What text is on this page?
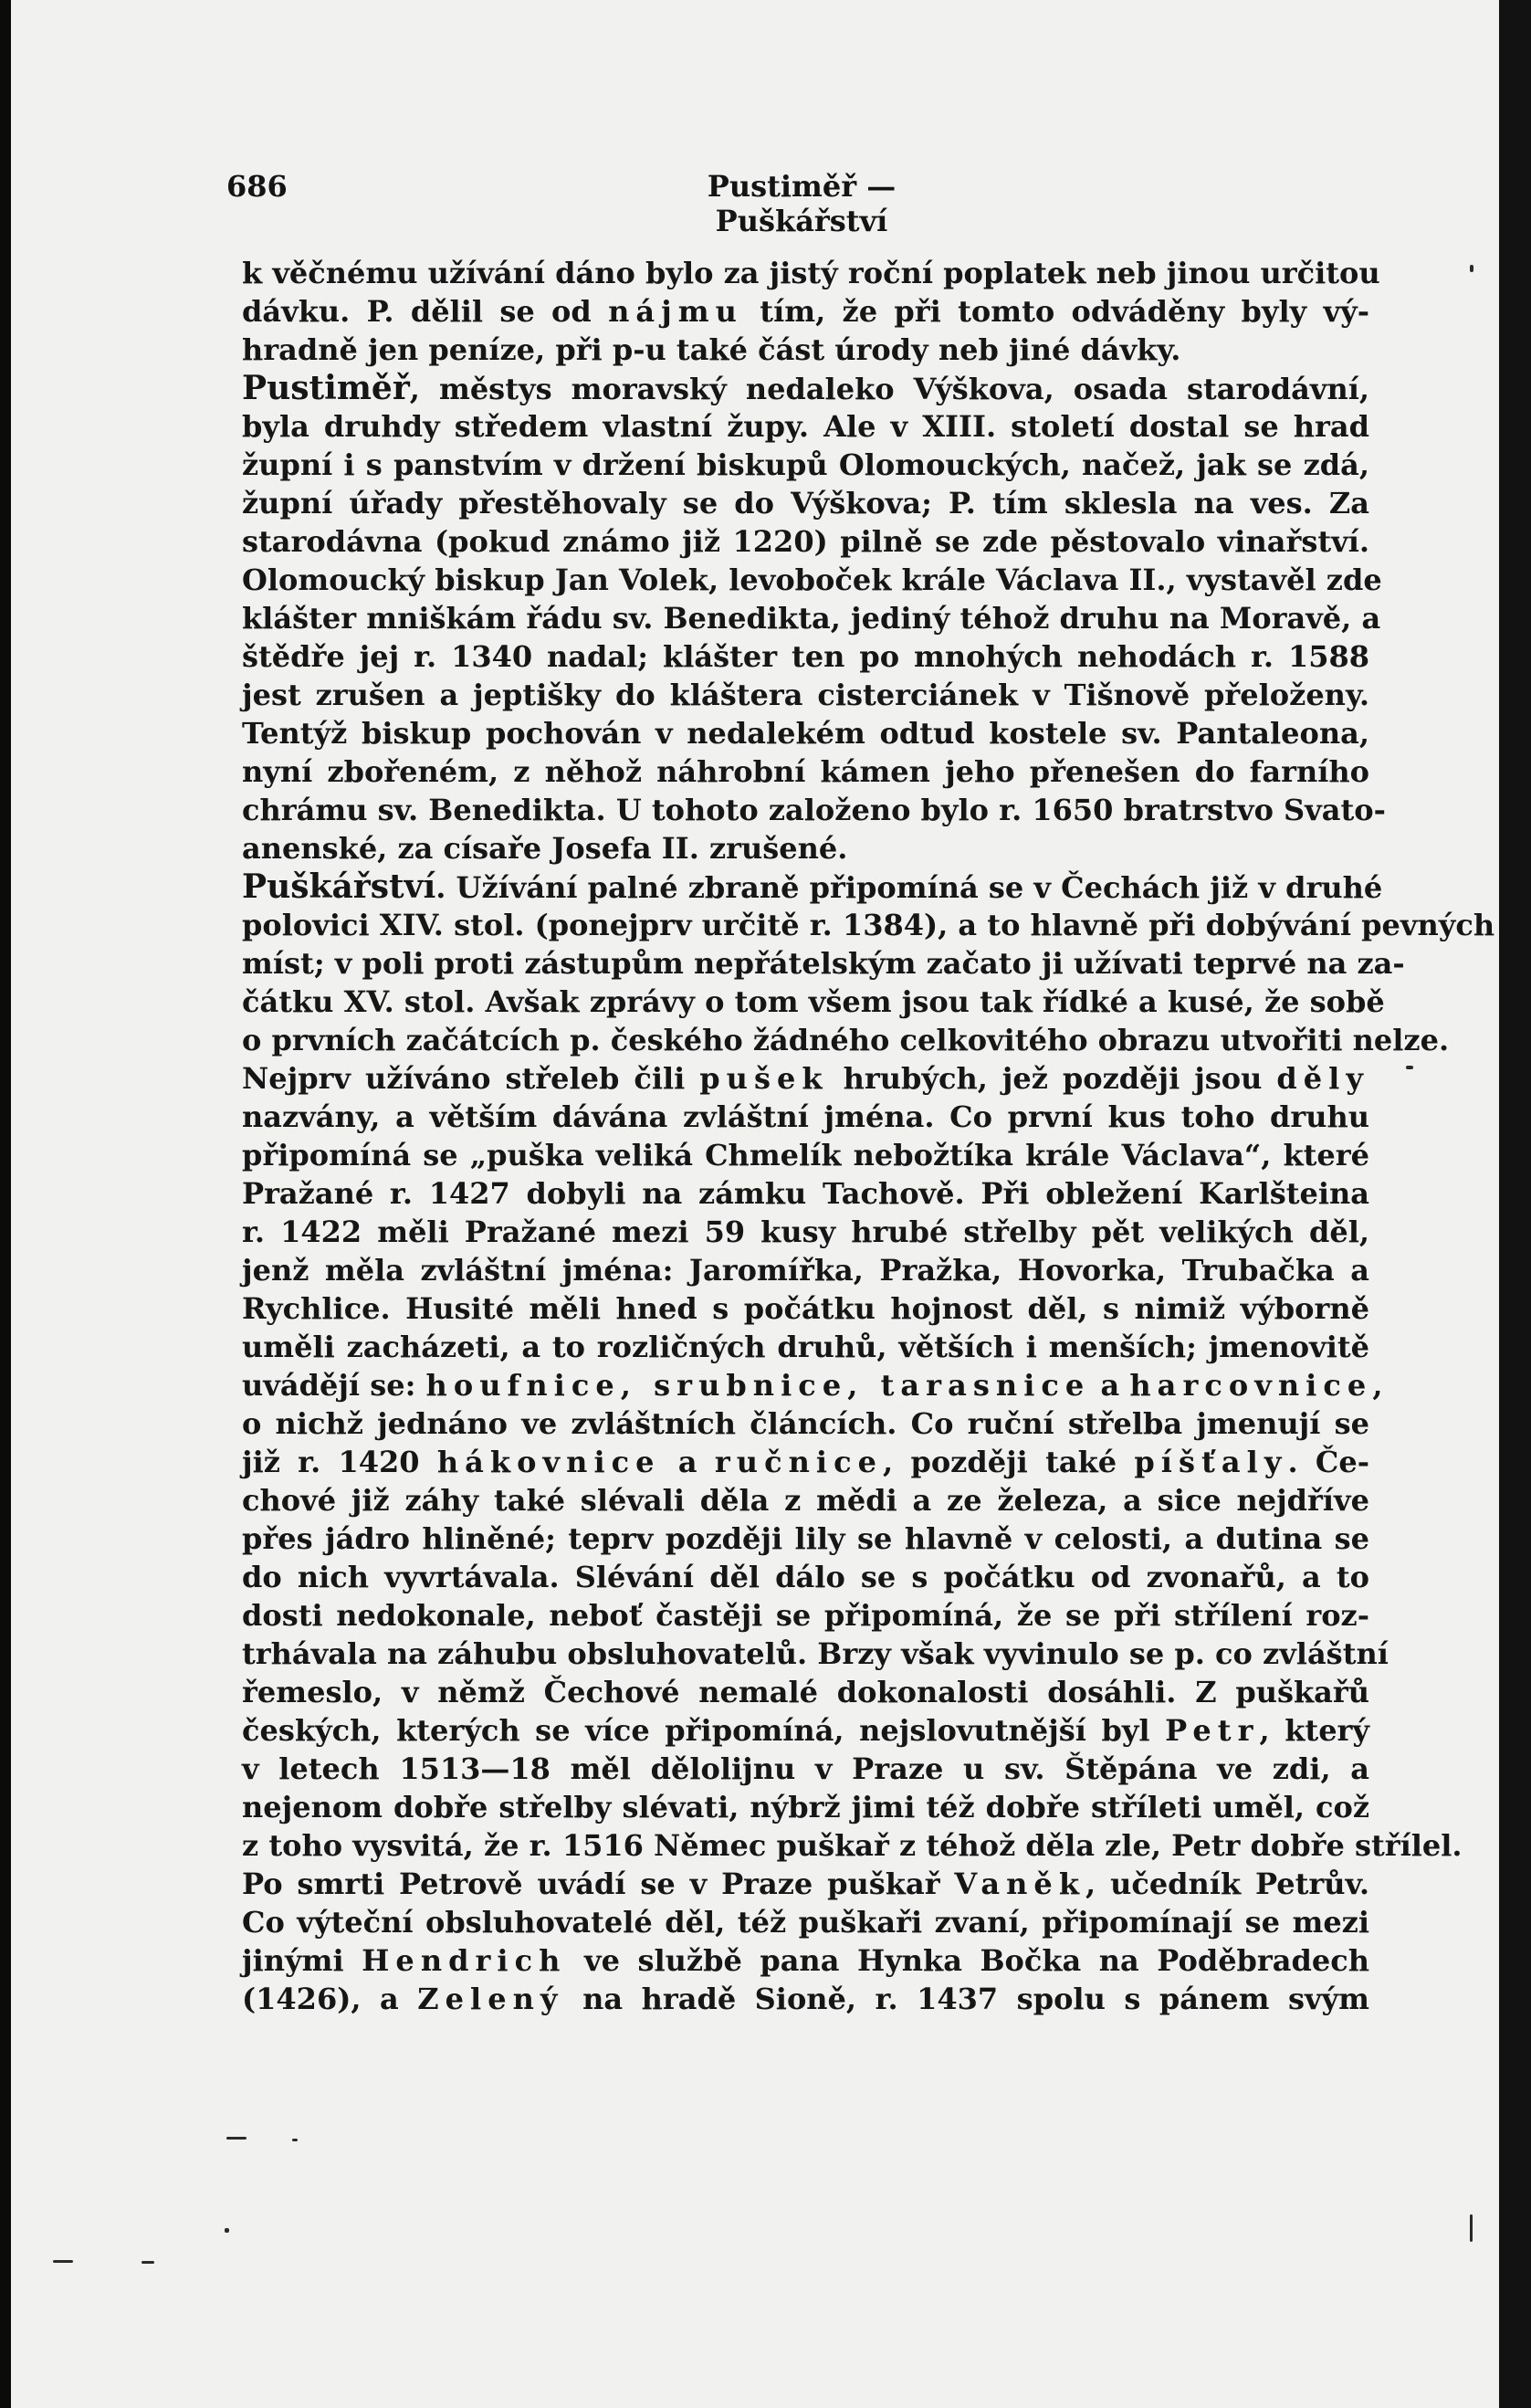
686	Pustiměř — Puškářství
k věčnému užívání dáno bylo za jistý roční poplatek neb jinou určitou
dávku. P. dělil se od nájmu tím, že při tomto odváděny byly vý-
hradně jen peníze, při p-u také část úrody neb jiné dávky.
Pustiměř, městys moravský nedaleko Výškova, osada starodávní,
byla druhdy středem vlastní župy. Ale v XIII. století dostal se hrad
župní i s panstvím v držení biskupů Olomouckých, načež, jak se zdá,
župní úřady přestěhovaly se do Výškova; P. tím sklesla na ves. Za
starodávna (pokud známo již 1220) pilně se zde pěstovalo vinařství.
Olomoucký biskup Jan Volek, levoboček krále Václava II., vystavěl zde
klášter mniškám řádu sv. Benedikta, jediný téhož druhu na Moravě, a
štědře jej r. 1340 nadal; klášter ten po mnohých nehodách r. 1588
jest zrušen a jeptišky do kláštera cisterciánek v Tišnově přeloženy.
Tentýž biskup pochován v nedalekém odtud kostele sv. Pantaleona,
nyní zbořeném, z něhož náhrobní kámen jeho přenešen do farního
chrámu sv. Benedikta. U tohoto založeno bylo r. 1650 bratrstvo Svato-
anenské, za císaře Josefa II. zrušené.
Puškářství. Užívání palné zbraně připomíná se v Čechách již v druhé
polovici XIV. stol. (ponejprv určitě r. 1384), a to hlavně při dobývání pevných
míst; v poli proti zástupům nepřátelským začato ji užívati teprvé na za-
čátku XV. stol. Avšak zprávy o tom všem jsou tak řídké a kusé, že sobě
o prvních začátcích p. českého žádného celkovitého obrazu utvořiti nelze.
Nejprv užíváno střeleb čili pušek hrubých, jež později jsou děly
nazvány, a větším dávána zvláštní jména. Co první kus toho druhu
připomíná se „puška veliká Chmelík nebožtíka krále Václava“, které
Pražané r. 1427 dobyli na zámku Tachově. Při obležení Karlšteina
r. 1422 měli Pražané mezi 59 kusy hrubé střelby pět velikých děl,
jenž měla zvláštní jména: Jaromířka, Pražka, Hovorka, Trubačka a
Rychlice. Husité měli hned s počátku hojnost děl, s nimiž výborně
uměli zacházeti, a to rozličných druhů, větších i menších; jmenovitě
uvádějí se: houfnice, srubnice, tarasnice a harcovnice,
o nichž jednáno ve zvláštních článcích. Co ruční střelba jmenují se
již r. 1420 hákovnice a ručnice, později také píšťaly. Če-
chové již záhy také slévali děla z mědi a ze železa, a sice nejdříve
přes jádro hliněné; teprv později lily se hlavně v celosti, a dutina se
do nich vyvrtávala. Slévání děl dálo se s počátku od zvonařů, a to
dosti nedokonale, neboť častěji se připomíná, že se při střílení roz-
trhávala na záhubu obsluhovatelů. Brzy však vyvinulo se p. co zvláštní
řemeslo, v němž Čechové nemalé dokonalosti dosáhli. Z puškařů
českých, kterých se více připomíná, nejslovutnější byl Petr, který
v letech 1513—18 měl dělolijnu v Praze u sv. Štěpána ve zdi, a
nejenom dobře střelby slévati, nýbrž jimi též dobře stříleti uměl, což
z toho vysvitá, že r. 1516 Němec puškař z téhož děla zle, Petr dobře střílel.
Po smrti Petrově uvádí se v Praze puškař Vaněk, učedník Petrův.
Co výteční obsluhovatelé děl, též puškaři zvaní, připomínají se mezi
jinými Hendrich ve službě pana Hynka Bočka na Poděbradech
(1426), a Zelený na hradě Sioně, r. 1437 spolu s pánem svým
